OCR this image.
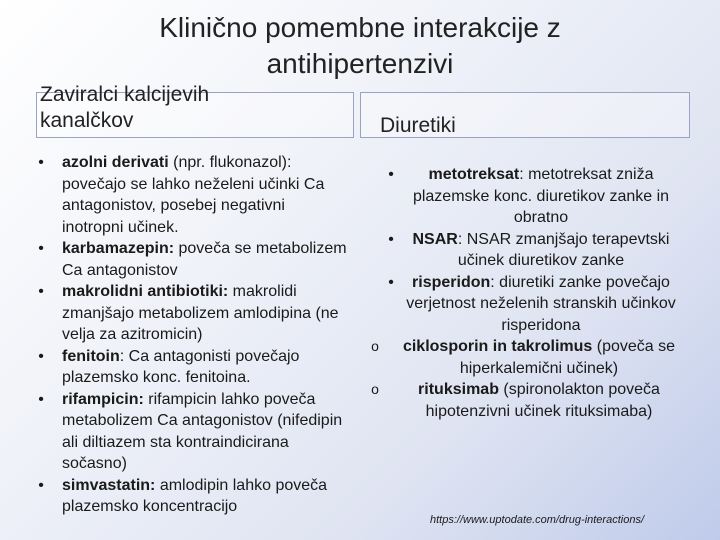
Klinično pomembne interakcije z antihipertenzivi
Zaviralci kalcijevih kanalčkov	Diuretiki
•	azolni derivati (npr. flukonazol): povečajo se lahko neželeni učinki Ca antagonistov, posebej negativni inotropni učinek.
•	karbamazepin: poveča se metabolizem Ca antagonistov
•	makrolidni antibiotiki: makrolidi zmanjšajo metabolizem amlodipina (ne velja za azitromicin)
•	fenitoin: Ca antagonisti povečajo plazemsko konc. fenitoina.
•	rifampicin: rifampicin lahko poveča metabolizem Ca antagonistov (nifedipin ali diltiazem sta kontraindicirana sočasno)
•	simvastatin: amlodipin lahko poveča plazemsko koncentracijo
•	metotreksat: metotreksat zniža plazemske konc. diuretikov zanke in obratno
•	NSAR: NSAR zmanjšajo terapevtski učinek diuretikov zanke
•	risperidon: diuretiki zanke povečajo verjetnost neželenih stranskih učinkov risperidona
o	ciklosporin in takrolimus (poveča se hiperkalemični učinek)
o	rituksimab (spironolakton poveča hipotenzivni učinek rituksimaba)
https://www.uptodate.com/drug-interactions/
